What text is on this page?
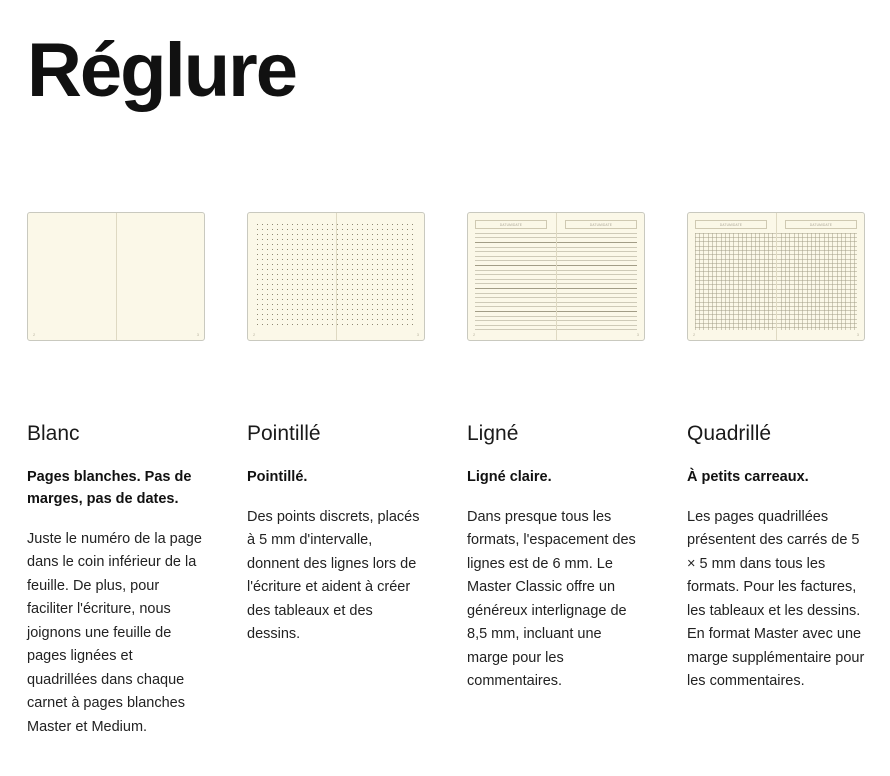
Réglure
2	3
Blanc

Pages blanches. Pas de marges, pas de dates.

Juste le numéro de la page dans le coin inférieur de la feuille. De plus, pour faciliter l'écriture, nous joignons une feuille de pages lignées et quadrillées dans chaque carnet à pages blanches Master et Medium.

2	3
Pointillé

Pointillé.

Des points discrets, placés à 5 mm d'intervalle, donnent des lignes lors de l'écriture et aident à créer des tableaux et des dessins.

DATUM/DATE	DATUM/DATE
2	3
Ligné

Ligné claire.

Dans presque tous les formats, l'espacement des lignes est de 6 mm. Le Master Classic offre un généreux interlignage de 8,5 mm, incluant une marge pour les commentaires.

DATUM/DATE	DATUM/DATE
2	3
Quadrillé

À petits carreaux.

Les pages quadrillées présentent des carrés de 5 × 5 mm dans tous les formats. Pour les factures, les tableaux et les dessins. En format Master avec une marge supplémentaire pour les commentaires.
